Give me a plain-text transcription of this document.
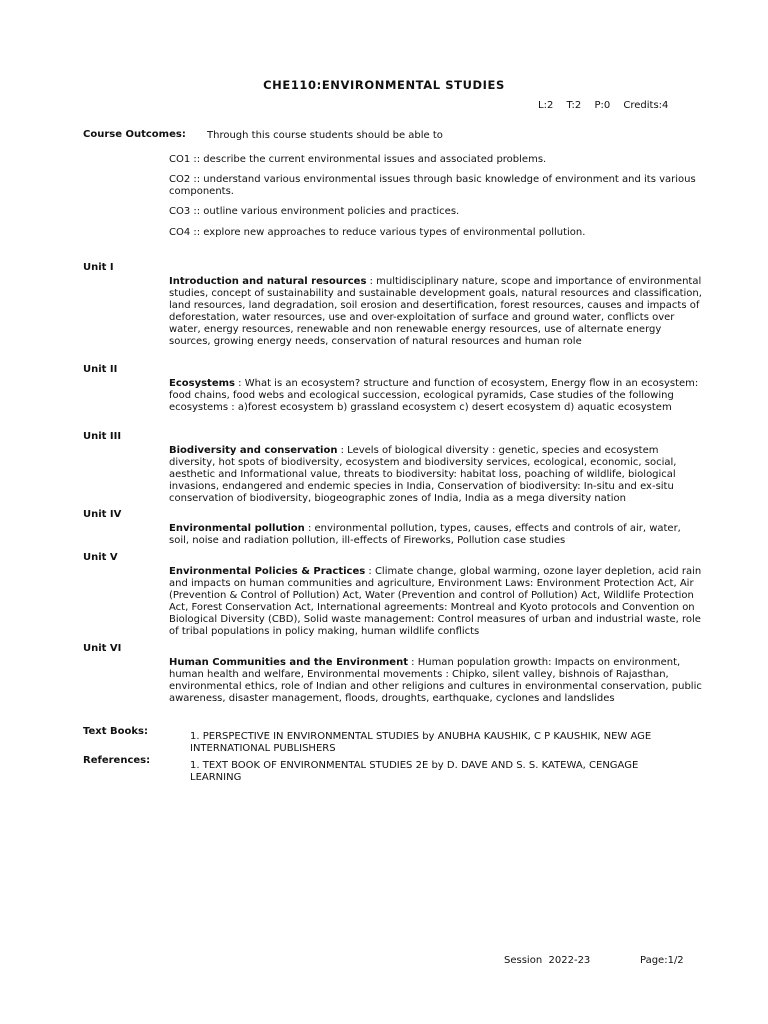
CHE110:ENVIRONMENTAL STUDIES
L:2 T:2 P:0 Credits:4
Course Outcomes: Through this course students should be able to
CO1 :: describe the current environmental issues and associated problems.
CO2 :: understand various environmental issues through basic knowledge of environment and its various components.
CO3 :: outline various environment policies and practices.
CO4 :: explore new approaches to reduce various types of environmental pollution.
Unit I
Introduction and natural resources : multidisciplinary nature, scope and importance of environmental studies, concept of sustainability and sustainable development goals, natural resources and classification, land resources, land degradation, soil erosion and desertification, forest resources, causes and impacts of deforestation, water resources, use and over-exploitation of surface and ground water, conflicts over water, energy resources, renewable and non renewable energy resources, use of alternate energy sources, growing energy needs, conservation of natural resources and human role
Unit II
Ecosystems : What is an ecosystem? structure and function of ecosystem, Energy flow in an ecosystem: food chains, food webs and ecological succession, ecological pyramids, Case studies of the following ecosystems : a)forest ecosystem b) grassland ecosystem c) desert ecosystem d) aquatic ecosystem
Unit III
Biodiversity and conservation : Levels of biological diversity : genetic, species and ecosystem diversity, hot spots of biodiversity, ecosystem and biodiversity services, ecological, economic, social, aesthetic and Informational value, threats to biodiversity: habitat loss, poaching of wildlife, biological invasions, endangered and endemic species in India, Conservation of biodiversity: In-situ and ex-situ conservation of biodiversity, biogeographic zones of India, India as a mega diversity nation
Unit IV
Environmental pollution : environmental pollution, types, causes, effects and controls of air, water, soil, noise and radiation pollution, ill-effects of Fireworks, Pollution case studies
Unit V
Environmental Policies & Practices : Climate change, global warming, ozone layer depletion, acid rain and impacts on human communities and agriculture, Environment Laws: Environment Protection Act, Air (Prevention & Control of Pollution) Act, Water (Prevention and control of Pollution) Act, Wildlife Protection Act, Forest Conservation Act, International agreements: Montreal and Kyoto protocols and Convention on Biological Diversity (CBD), Solid waste management: Control measures of urban and industrial waste, role of tribal populations in policy making, human wildlife conflicts
Unit VI
Human Communities and the Environment : Human population growth: Impacts on environment, human health and welfare, Environmental movements : Chipko, silent valley, bishnois of Rajasthan, environmental ethics, role of Indian and other religions and cultures in environmental conservation, public awareness, disaster management, floods, droughts, earthquake, cyclones and landslides
Text Books:	1. PERSPECTIVE IN ENVIRONMENTAL STUDIES by ANUBHA KAUSHIK, C P KAUSHIK, NEW AGE INTERNATIONAL PUBLISHERS
References:	1. TEXT BOOK OF ENVIRONMENTAL STUDIES 2E by D. DAVE AND S. S. KATEWA, CENGAGE LEARNING
Session  2022-23	Page:1/2
